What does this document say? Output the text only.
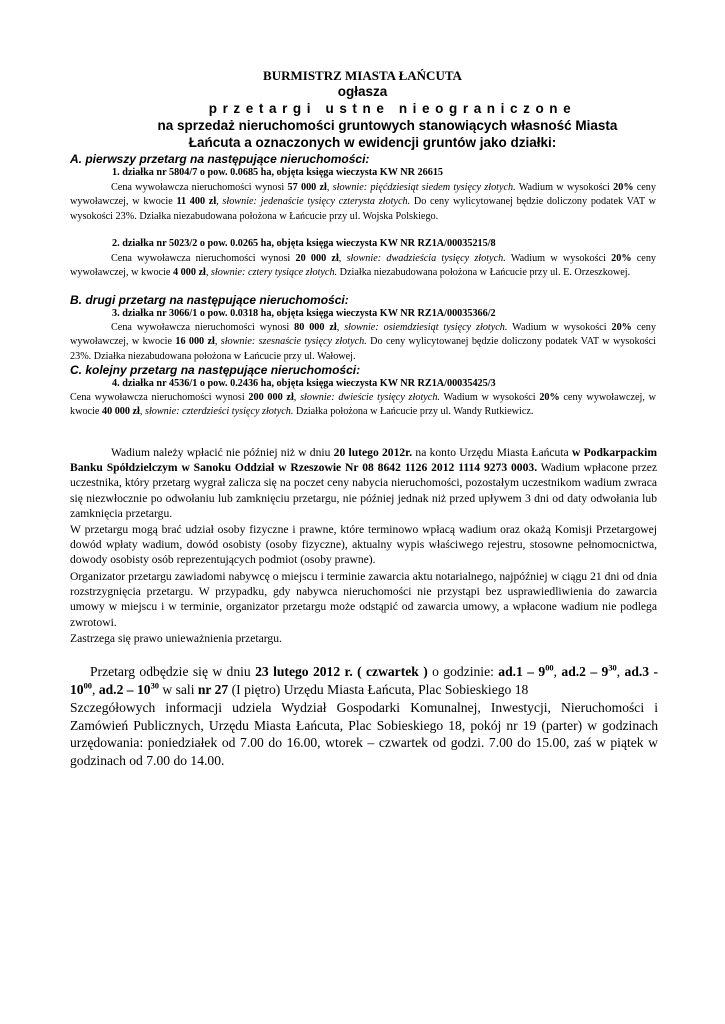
BURMISTRZ MIASTA ŁAŃCUTA
ogłasza
przetargi ustne nieograniczone
na sprzedaż nieruchomości gruntowych stanowiących własność Miasta
Łańcuta a oznaczonych w ewidencji gruntów jako działki:
A. pierwszy przetarg na następujące nieruchomości:
1. działka nr 5804/7 o pow. 0.0685 ha, objęta księga wieczysta KW NR 26615
Cena wywoławcza nieruchomości wynosi 57 000 zł, słownie: pięćdziesiąt siedem tysięcy złotych. Wadium w wysokości 20% ceny wywoławczej, w kwocie 11 400 zł, słownie: jedenaście tysięcy czterysta złotych. Do ceny wylicytowanej będzie doliczony podatek VAT w wysokości 23%. Działka niezabudowana położona w Łańcucie przy ul. Wojska Polskiego.
2. działka nr 5023/2 o pow. 0.0265 ha, objęta księga wieczysta KW NR RZ1A/00035215/8
Cena wywoławcza nieruchomości wynosi 20 000 zł, słownie: dwadzieścia tysięcy złotych. Wadium w wysokości 20% ceny wywoławczej, w kwocie 4 000 zł, słownie: cztery tysiące złotych. Działka niezabudowana położona w Łańcucie przy ul. E. Orzeszkowej.
B. drugi przetarg na następujące nieruchomości:
3. działka nr 3066/1 o pow. 0.0318 ha, objęta księga wieczysta KW NR RZ1A/00035366/2
Cena wywoławcza nieruchomości wynosi 80 000 zł, słownie: osiemdziesiąt tysięcy złotych. Wadium w wysokości 20% ceny wywoławczej, w kwocie 16 000 zł, słownie: szesnaście tysięcy złotych. Do ceny wylicytowanej będzie doliczony podatek VAT w wysokości 23%. Działka niezabudowana położona w Łańcucie przy ul. Wałowej.
C. kolejny przetarg na następujące nieruchomości:
4. działka nr 4536/1 o pow. 0.2436 ha, objęta księga wieczysta KW NR RZ1A/00035425/3
Cena wywoławcza nieruchomości wynosi 200 000 zł, słownie: dwieście tysięcy złotych. Wadium w wysokości 20% ceny wywoławczej, w kwocie 40 000 zł, słownie: czterdzieści tysięcy złotych. Działka położona w Łańcucie przy ul. Wandy Rutkiewicz.
Wadium należy wpłacić nie później niż w dniu 20 lutego 2012r. na konto Urzędu Miasta Łańcuta w Podkarpackim Banku Spółdzielczym w Sanoku Oddział w Rzeszowie Nr 08 8642 1126 2012 1114 9273 0003. Wadium wpłacone przez uczestnika, który przetarg wygrał zalicza się na poczet ceny nabycia nieruchomości, pozostałym uczestnikom wadium zwraca się niezwłocznie po odwołaniu lub zamknięciu przetargu, nie później jednak niż przed upływem 3 dni od daty odwołania lub zamknięcia przetargu.
W przetargu mogą brać udział osoby fizyczne i prawne, które terminowo wpłacą wadium oraz okażą Komisji Przetargowej dowód wpłaty wadium, dowód osobisty (osoby fizyczne), aktualny wypis właściwego rejestru, stosowne pełnomocnictwa, dowody osobisty osób reprezentujących podmiot (osoby prawne).
Organizator przetargu zawiadomi nabywcę o miejscu i terminie zawarcia aktu notarialnego, najpóźniej w ciągu 21 dni od dnia rozstrzygnięcia przetargu. W przypadku, gdy nabywca nieruchomości nie przystąpi bez usprawiedliwienia do zawarcia umowy w miejscu i w terminie, organizator przetargu może odstąpić od zawarcia umowy, a wpłacone wadium nie podlega zwrotowi.
Zastrzega się prawo unieważnienia przetargu.
Przetarg odbędzie się w dniu 23 lutego 2012 r. ( czwartek ) o godzinie: $ad.1 - 9^{00}$, $ad.2 - 9^{30}$, $ad.3 - 10^{00}$, $ad.2 - 10^{30}$ w sali nr 27 (I piętro) Urzędu Miasta Łańcuta, Plac Sobieskiego 18
Szczegółowych informacji udziela Wydział Gospodarki Komunalnej, Inwestycji, Nieruchomości i Zamówień Publicznych, Urzędu Miasta Łańcuta, Plac Sobieskiego 18, pokój nr 19 (parter) w godzinach urzędowania: poniedziałek od 7.00 do 16.00, wtorek – czwartek od godzi. 7.00 do 15.00, zaś w piątek w godzinach od 7.00 do 14.00.
